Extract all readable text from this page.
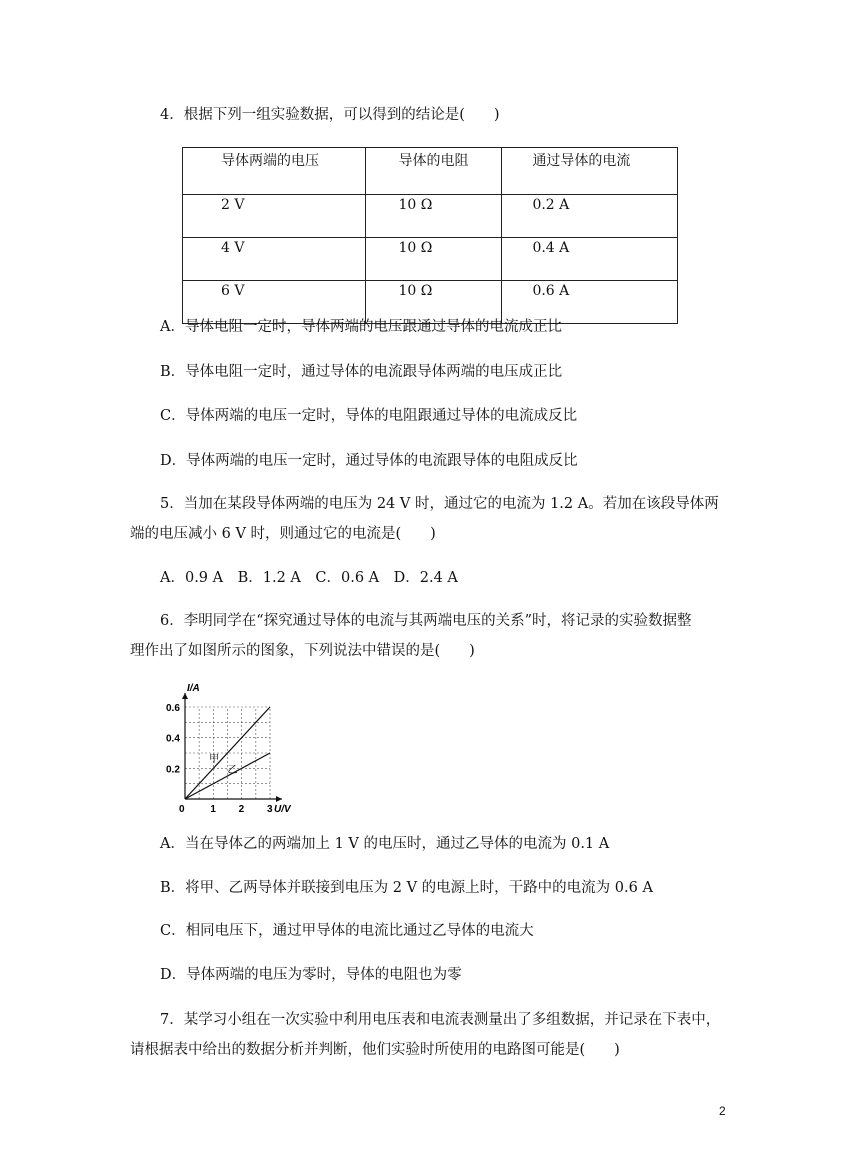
4．根据下列一组实验数据，可以得到的结论是(　　)
导体两端的电压	导体的电阻	通过导体的电流
2 V	10 Ω	0.2 A
4 V	10 Ω	0.4 A
6 V	10 Ω	0.6 A
A．导体电阻一定时，导体两端的电压跟通过导体的电流成正比
B．导体电阻一定时，通过导体的电流跟导体两端的电压成正比
C．导体两端的电压一定时，导体的电阻跟通过导体的电流成反比
D．导体两端的电压一定时，通过导体的电流跟导体的电阻成反比
5．当加在某段导体两端的电压为 24 V 时，通过它的电流为 1.2 A。若加在该段导体两
端的电压减小 6 V 时，则通过它的电流是(　　)
A．0.9 A　B．1.2 A　C．0.6 A　D．2.4 A
6．李明同学在“探究通过导体的电流与其两端电压的关系”时，将记录的实验数据整
理作出了如图所示的图象，下列说法中错误的是(　　)
I/A
U/V
0	1 2 3
0.2
0.4
0.6
甲
乙
A．当在导体乙的两端加上 1 V 的电压时，通过乙导体的电流为 0.1 A
B．将甲、乙两导体并联接到电压为 2 V 的电源上时，干路中的电流为 0.6 A
C．相同电压下，通过甲导体的电流比通过乙导体的电流大
D．导体两端的电压为零时，导体的电阻也为零
7．某学习小组在一次实验中利用电压表和电流表测量出了多组数据，并记录在下表中，
请根据表中给出的数据分析并判断，他们实验时所使用的电路图可能是(　　)
2
